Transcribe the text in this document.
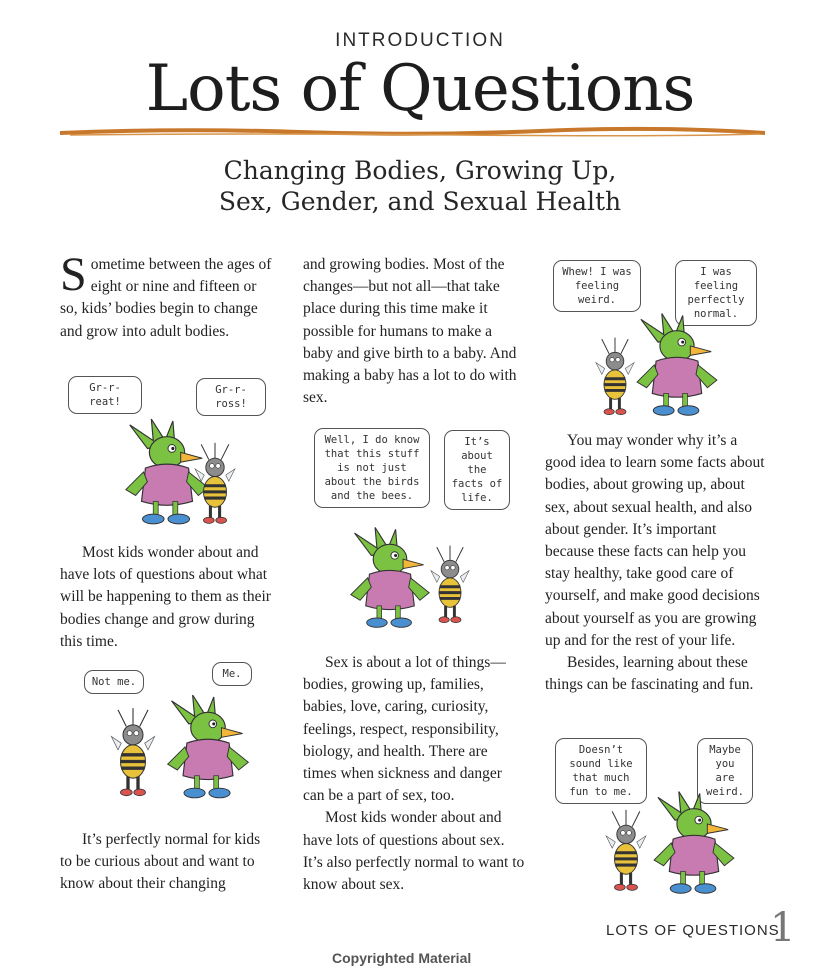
INTRODUCTION
Lots of Questions
Changing Bodies, Growing Up,
Sex, Gender, and Sexual Health

Sometime between the ages of eight or nine and fifteen or so, kids’ bodies begin to change and grow into adult bodies.

Gr-r-reat!
Gr-r-ross!

Most kids wonder about and have lots of questions about what will be happening to them as their bodies change and grow during this time.

Not me.
Me.

It’s perfectly normal for kids to be curious about and want to know about their changing

and growing bodies. Most of the changes—but not all—that take place during this time make it possible for humans to make a baby and give birth to a baby. And making a baby has a lot to do with sex.

Well, I do know that this stuff is not just about the birds and the bees.
It’s about the facts of life.

Sex is about a lot of things—bodies, growing up, families, babies, love, caring, curiosity, feelings, respect, responsibility, biology, and health. There are times when sickness and danger can be a part of sex, too.

Most kids wonder about and have lots of questions about sex. It’s also perfectly normal to want to know about sex.

Whew! I was feeling weird.
I was feeling perfectly normal.

You may wonder why it’s a good idea to learn some facts about bodies, about growing up, about sex, about sexual health, and also about gender. It’s important because these facts can help you stay healthy, take good care of yourself, and make good decisions about yourself as you are growing up and for the rest of your life.

Besides, learning about these things can be fascinating and fun.

Doesn’t sound like that much fun to me.
Maybe you are weird.
LOTS OF QUESTIONS
1
Copyrighted Material
